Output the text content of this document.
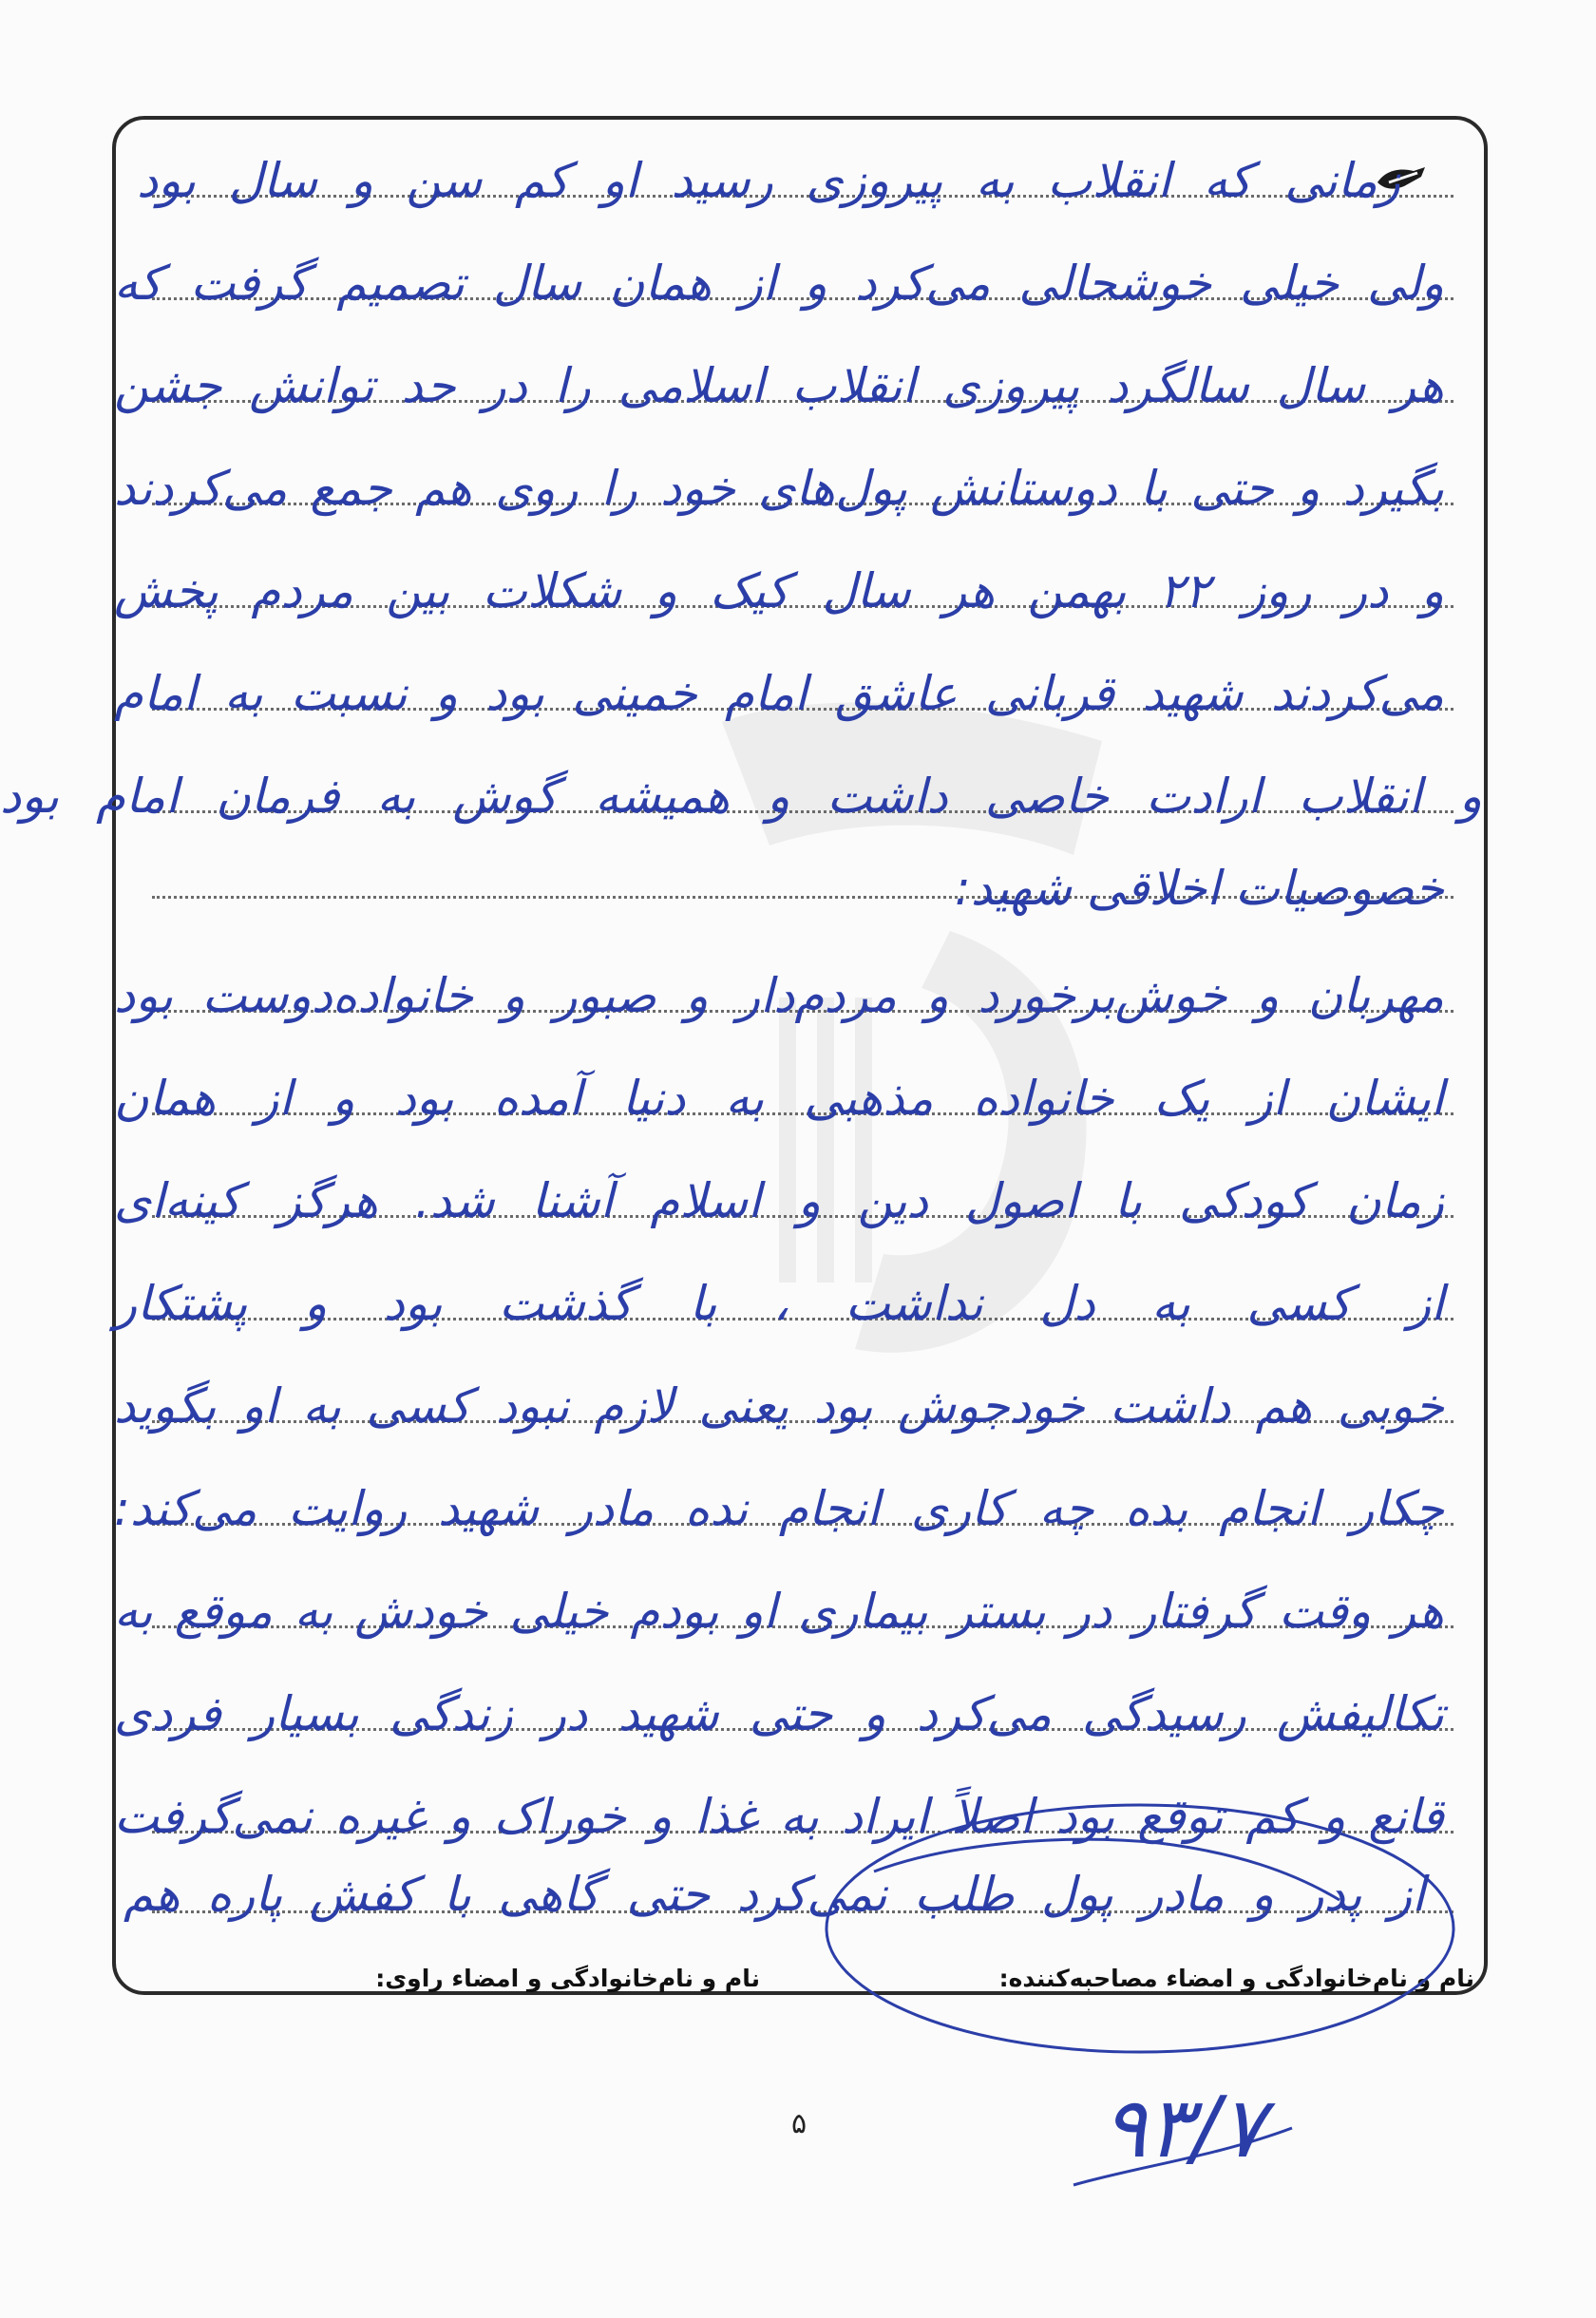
زمانی که انقلاب به پیروزی رسید او کم سن و سال بود
ولی خیلی خوشحالی می‌کرد و از همان سال تصمیم گرفت که
هر سال سالگرد پیروزی انقلاب اسلامی را در حد توانش جشن
بگیرد و حتی با دوستانش پول‌های خود را روی هم جمع می‌کردند
و در روز ۲۲ بهمن هر سال کیک و شکلات بین مردم پخش
می‌کردند شهید قربانی عاشق امام خمینی بود و نسبت به امام
و انقلاب ارادت خاصی داشت و همیشه گوش به فرمان امام بود
خصوصیات اخلاقی شهید:
مهربان و خوش‌برخورد و مردم‌دار و صبور و خانواده‌دوست بود
ایشان از یک خانواده مذهبی به دنیا آمده بود و از همان
زمان کودکی با اصول دین و اسلام آشنا شد. هرگز کینه‌ای
از کسی به دل نداشت ، با گذشت بود و پشتکار
خوبی هم داشت خودجوش بود یعنی لازم نبود کسی به او بگوید
چکار انجام بده چه کاری انجام نده مادر شهید روایت می‌کند:
هر وقت گرفتار در بستر بیماری او بودم خیلی خودش به موقع به
تکالیفش رسیدگی می‌کرد و حتی شهید در زندگی بسیار فردی
قانع و کم توقع بود اصلاً ایراد به غذا و خوراک و غیره نمی‌گرفت
از پدر و مادر پول طلب نمی‌کرد حتی گاهی با کفش پاره هم
نام و نام‌خانوادگی و امضاء مصاحبه‌کننده:
نام و نام‌خانوادگی و امضاء راوی:
۹۳/۷
۵
